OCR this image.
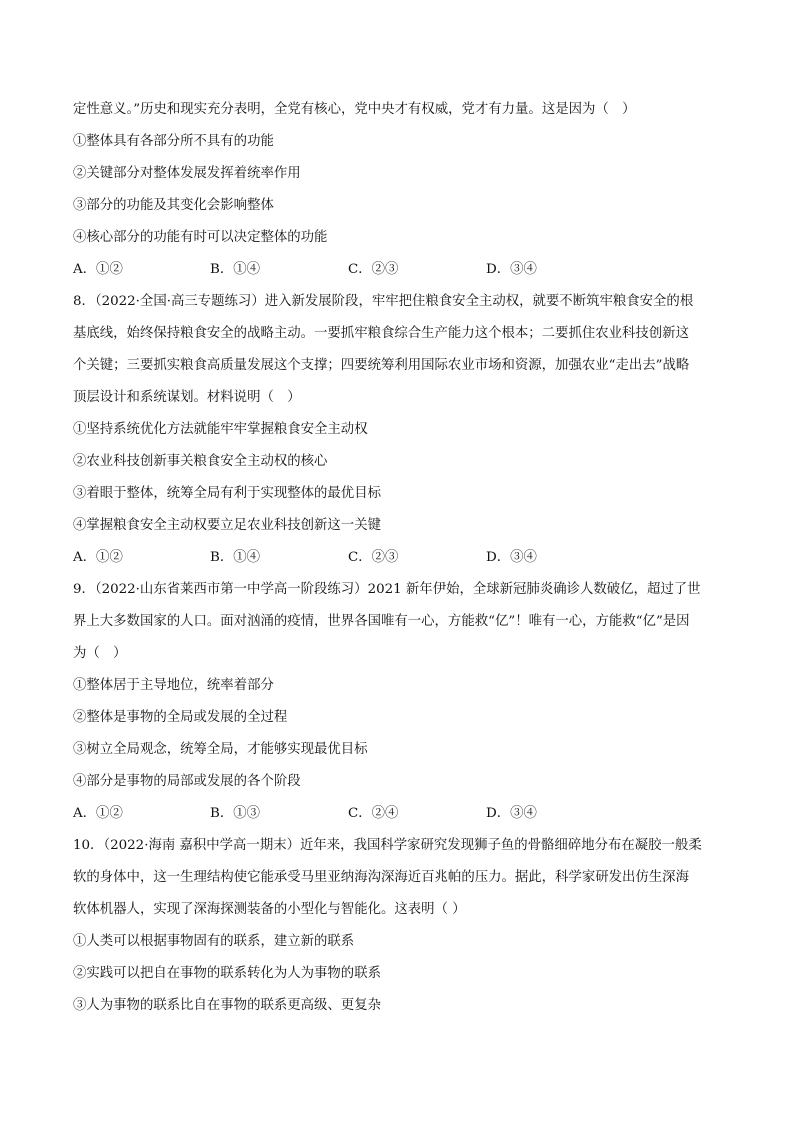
定性意义。”历史和现实充分表明，全党有核心，党中央才有权威，党才有力量。这是因为（　）
①整体具有各部分所不具有的功能
②关键部分对整体发展发挥着统率作用
③部分的功能及其变化会影响整体
④核心部分的功能有时可以决定整体的功能
A．①②	B．①④	C．②③	D．③④
8．（2022·全国·高三专题练习）进入新发展阶段，牢牢把住粮食安全主动权，就要不断筑牢粮食安全的根
基底线，始终保持粮食安全的战略主动。一要抓牢粮食综合生产能力这个根本；二要抓住农业科技创新这
个关键；三要抓实粮食高质量发展这个支撑；四要统筹利用国际农业市场和资源，加强农业“走出去”战略
顶层设计和系统谋划。材料说明（　）
①坚持系统优化方法就能牢牢掌握粮食安全主动权
②农业科技创新事关粮食安全主动权的核心
③着眼于整体，统筹全局有利于实现整体的最优目标
④掌握粮食安全主动权要立足农业科技创新这一关键
A．①②	B．①④	C．②③	D．③④
9．（2022·山东省莱西市第一中学高一阶段练习）2021 新年伊始，全球新冠肺炎确诊人数破亿，超过了世
界上大多数国家的人口。面对汹涌的疫情，世界各国唯有一心，方能救“亿”！唯有一心，方能救“亿”是因
为（　）
①整体居于主导地位，统率着部分
②整体是事物的全局或发展的全过程
③树立全局观念，统筹全局，才能够实现最优目标
④部分是事物的局部或发展的各个阶段
A．①②	B．①③	C．②④	D．③④
10．（2022·海南 嘉积中学高一期末）近年来，我国科学家研究发现狮子鱼的骨骼细碎地分布在凝胶一般柔
软的身体中，这一生理结构使它能承受马里亚纳海沟深海近百兆帕的压力。据此，科学家研发出仿生深海
软体机器人，实现了深海探测装备的小型化与智能化。这表明（ ）
①人类可以根据事物固有的联系，建立新的联系
②实践可以把自在事物的联系转化为人为事物的联系
③人为事物的联系比自在事物的联系更高级、更复杂
